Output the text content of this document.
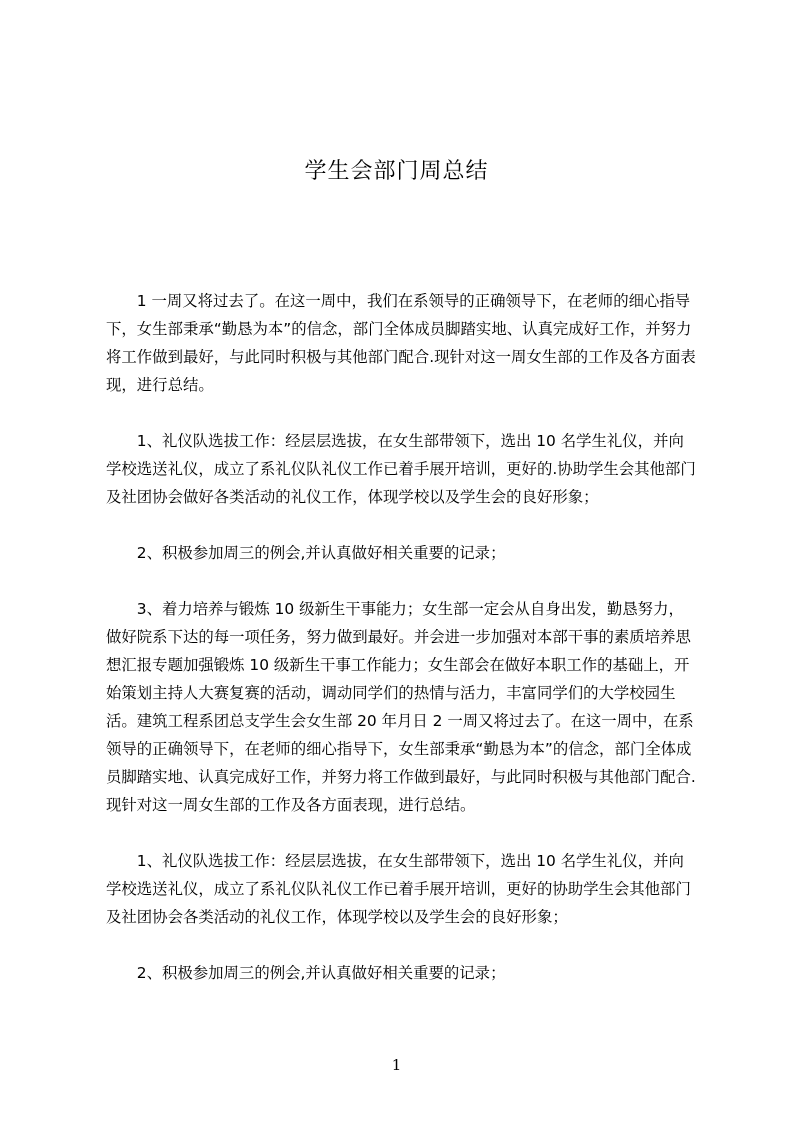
学生会部门周总结

1 一周又将过去了。在这一周中，我们在系领导的正确领导下，在老师的细心指导下，女生部秉承“勤恳为本”的信念，部门全体成员脚踏实地、认真完成好工作，并努力将工作做到最好，与此同时积极与其他部门配合.现针对这一周女生部的工作及各方面表现，进行总结。

1、礼仪队选拔工作：经层层选拔，在女生部带领下，选出 10 名学生礼仪，并向学校选送礼仪，成立了系礼仪队礼仪工作已着手展开培训，更好的.协助学生会其他部门及社团协会做好各类活动的礼仪工作，体现学校以及学生会的良好形象；

2、积极参加周三的例会,并认真做好相关重要的记录；

3、着力培养与锻炼 10 级新生干事能力；女生部一定会从自身出发，勤恳努力，做好院系下达的每一项任务，努力做到最好。并会进一步加强对本部干事的素质培养思想汇报专题加强锻炼 10 级新生干事工作能力；女生部会在做好本职工作的基础上，开始策划主持人大赛复赛的活动，调动同学们的热情与活力，丰富同学们的大学校园生活。建筑工程系团总支学生会女生部 20 年月日 2 一周又将过去了。在这一周中，在系领导的正确领导下，在老师的细心指导下，女生部秉承“勤恳为本”的信念，部门全体成员脚踏实地、认真完成好工作，并努力将工作做到最好，与此同时积极与其他部门配合.现针对这一周女生部的工作及各方面表现，进行总结。

1、礼仪队选拔工作：经层层选拔，在女生部带领下，选出 10 名学生礼仪，并向学校选送礼仪，成立了系礼仪队礼仪工作已着手展开培训，更好的协助学生会其他部门及社团协会各类活动的礼仪工作，体现学校以及学生会的良好形象；

2、积极参加周三的例会,并认真做好相关重要的记录；

1
